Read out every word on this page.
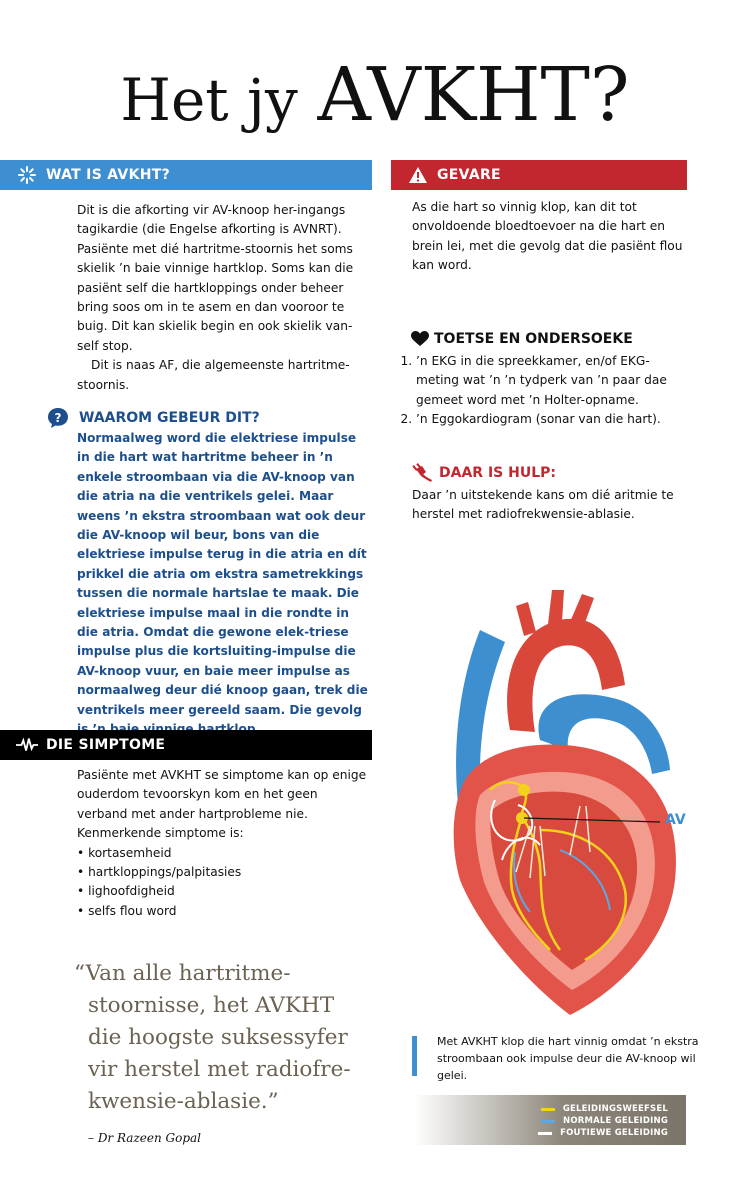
Het jy AVKHT?
WAT IS AVKHT?

Dit is die afkorting vir AV-knoop her-ingangs tagikardie (die Engelse afkorting is AVNRT). Pasiënte met dié hartritme-stoornis het soms skielik ’n baie vinnige hartklop. Soms kan die pasiënt self die hartkloppings onder beheer bring soos om in te asem en dan vooroor te buig. Dit kan skielik begin en ook skielik van-self stop.

Dit is naas AF, die algemeenste hartritme-stoornis.

? WAAROM GEBEUR DIT?
Normaalweg word die elektriese impulse in die hart wat hartritme beheer in ’n enkele stroombaan via die AV-knoop van die atria na die ventrikels gelei. Maar weens ’n ekstra stroombaan wat ook deur die AV-knoop wil beur, bons van die elektriese impulse terug in die atria en dít prikkel die atria om ekstra sametrekkings tussen die normale hartslae te maak. Die elektriese impulse maal in die rondte in die atria. Omdat die gewone elek-triese impulse plus die kortsluiting-impulse die AV-knoop vuur, en baie meer impulse as normaalweg deur dié knoop gaan, trek die ventrikels meer gereeld saam. Die gevolg
DIE SIMPTOME

Pasiënte met AVKHT se simptome kan op enige ouderdom tevoorskyn kom en het geen verband met ander hartprobleme nie. Kenmerkende simptome is:

• kortasemheid
• hartkloppings/palpitasies
• lighoofdigheid
• selfs flou word
“Van alle hartritme-stoornisse, het AVKHT die hoogste suksessyfer vir herstel met radiofre-kwensie-ablasie.”
– Dr Razeen Gopal
GEVARE
As die hart so vinnig klop, kan dit tot onvoldoende bloedtoevoer na die hart en brein lei, met die gevolg dat die pasiënt flou kan word.
TOETSE EN ONDERSOEKE
1. ’n EKG in die spreekkamer, en/of EKG-meting wat ’n ’n tydperk van ’n paar dae gemeet word met ’n Holter-opname.
2. ’n Eggokardiogram (sonar van die hart).
DAAR IS HULP:
Daar ’n uitstekende kans om dié aritmie te herstel met radiofrekwensie-ablasie.
AV
Met AVKHT klop die hart vinnig omdat ’n ekstra stroombaan ook impulse deur die AV-knoop wil gelei.
GELEIDINGSWEEFSEL
NORMALE GELEIDING
FOUTIEWE GELEIDING
